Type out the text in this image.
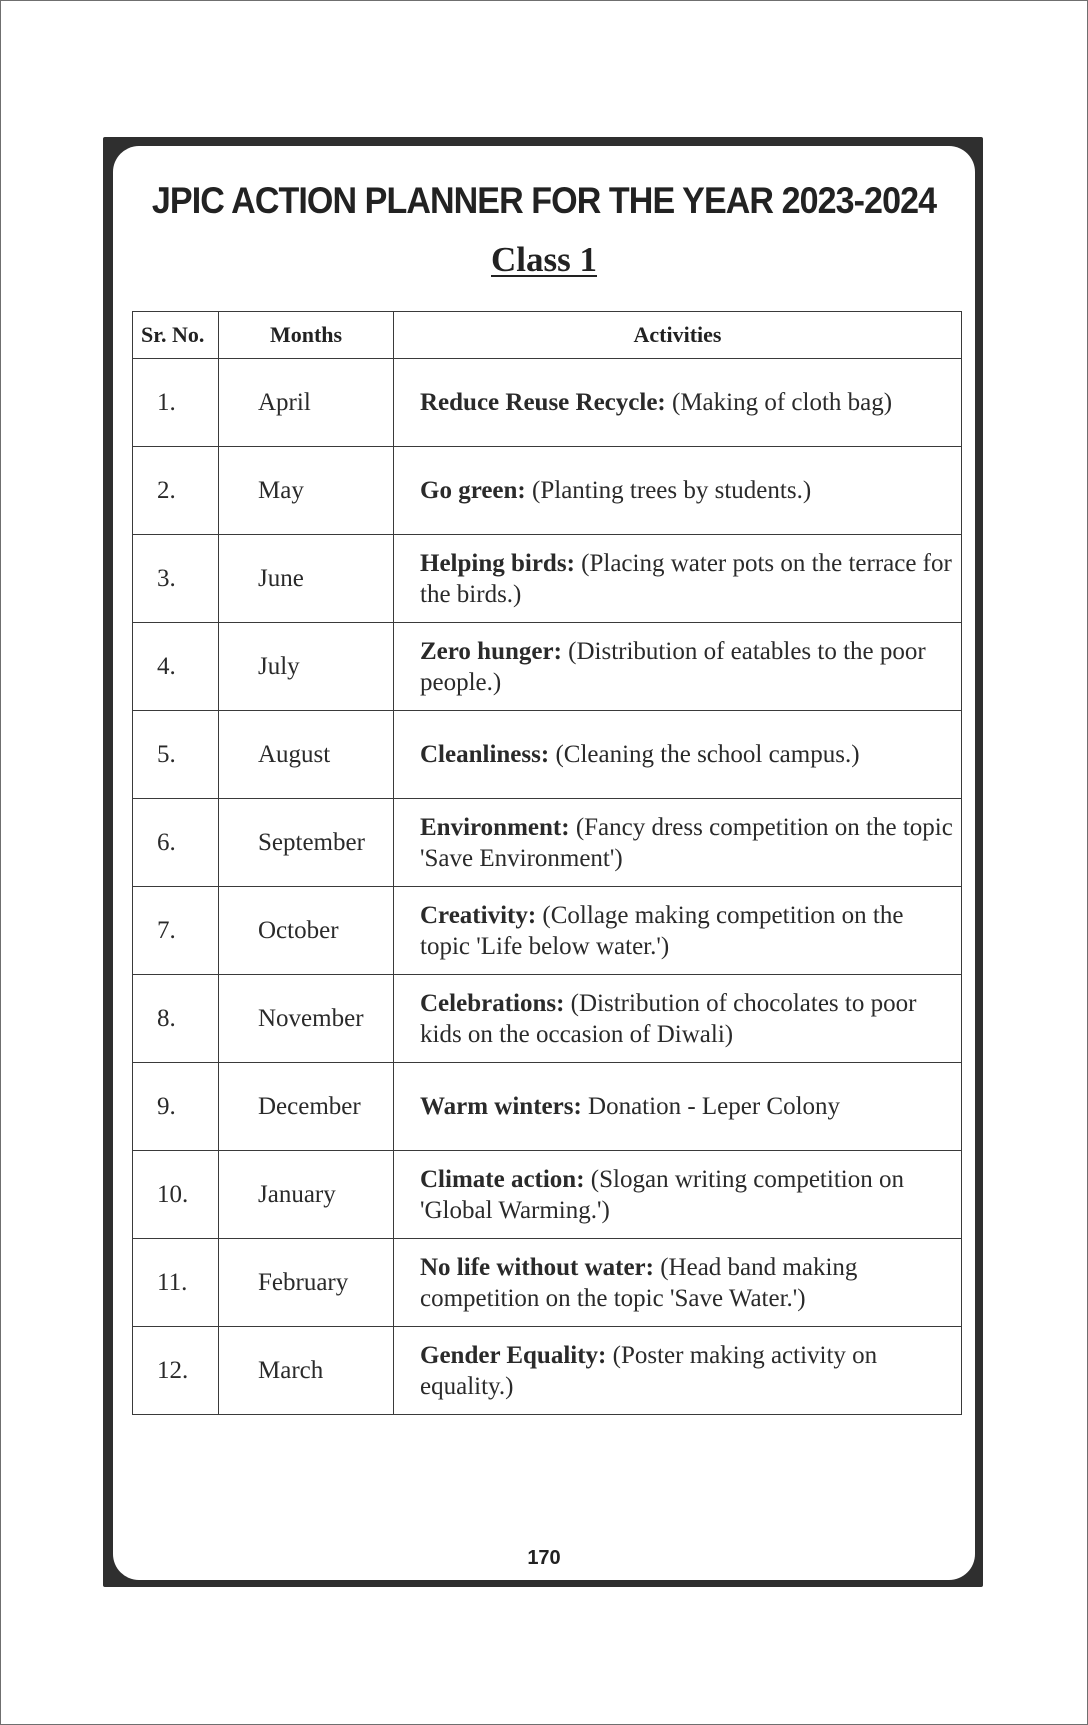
JPIC ACTION PLANNER FOR THE YEAR 2023-2024
Class 1
Sr. No.	Months	Activities
1.	April	Reduce Reuse Recycle: (Making of cloth bag)
2.	May	Go green: (Planting trees by students.)
3.	June	Helping birds: (Placing water pots on the terrace for the birds.)
4.	July	Zero hunger: (Distribution of eatables to the poor people.)
5.	August	Cleanliness: (Cleaning the school campus.)
6.	September	Environment: (Fancy dress competition on the topic 'Save Environment')
7.	October	Creativity: (Collage making competition on the topic 'Life below water.')
8.	November	Celebrations: (Distribution of chocolates to poor kids on the occasion of Diwali)
9.	December	Warm winters: Donation - Leper Colony
10.	January	Climate action: (Slogan writing competition on 'Global Warming.')
11.	February	No life without water: (Head band making competition on the topic 'Save Water.')
12.	March	Gender Equality: (Poster making activity on equality.)

170
